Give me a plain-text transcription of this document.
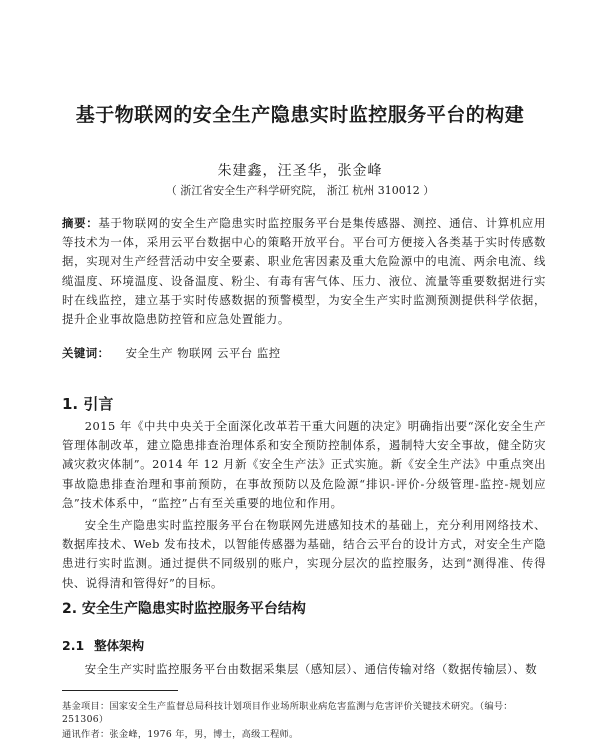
基于物联网的安全生产隐患实时监控服务平台的构建
朱建鑫，汪圣华，张金峰
（ 浙江省安全生产科学研究院， 浙江 杭州 310012 ）
摘要：基于物联网的安全生产隐患实时监控服务平台是集传感器、测控、通信、计算机应用等技术为一体，采用云平台数据中心的策略开放平台。平台可方便接入各类基于实时传感数据，实现对生产经营活动中安全要素、职业危害因素及重大危险源中的电流、两余电流、线缆温度、环境温度、设备温度、粉尘、有毒有害气体、压力、液位、流量等重要数据进行实时在线监控，建立基于实时传感数据的预警模型，为安全生产实时监测预测提供科学依据，提升企业事故隐患防控管和应急处置能力。
关键词： 安全生产 物联网 云平台 监控
1. 引言

2015 年《中共中央关于全面深化改革若干重大问题的决定》明确指出要“深化安全生产管理体制改革，建立隐患排查治理体系和安全预防控制体系，遏制特大安全事故，健全防灾减灾救灾体制”。2014 年 12 月新《安全生产法》正式实施。新《安全生产法》中重点突出事故隐患排查治理和事前预防，在事故预防以及危险源“排识-评价-分级管理-监控-规划应急”技术体系中，“监控”占有至关重要的地位和作用。

安全生产隐患实时监控服务平台在物联网先进感知技术的基础上，充分利用网络技术、数据库技术、Web 发布技术，以智能传感器为基础，结合云平台的设计方式，对安全生产隐患进行实时监测。通过提供不同级别的账户，实现分层次的监控服务，达到“测得准、传得快、说得清和管得好”的目标。

2. 安全生产隐患实时监控服务平台结构
2.1 整体架构

安全生产实时监控服务平台由数据采集层（感知层）、通信传输对络（数据传输层）、数

基金项目：国家安全生产监督总局科技计划项目作业场所职业病危害监测与危害评价关键技术研究。（编号：251306）
通讯作者：张金峰，1976 年，男，博士，高级工程师。
